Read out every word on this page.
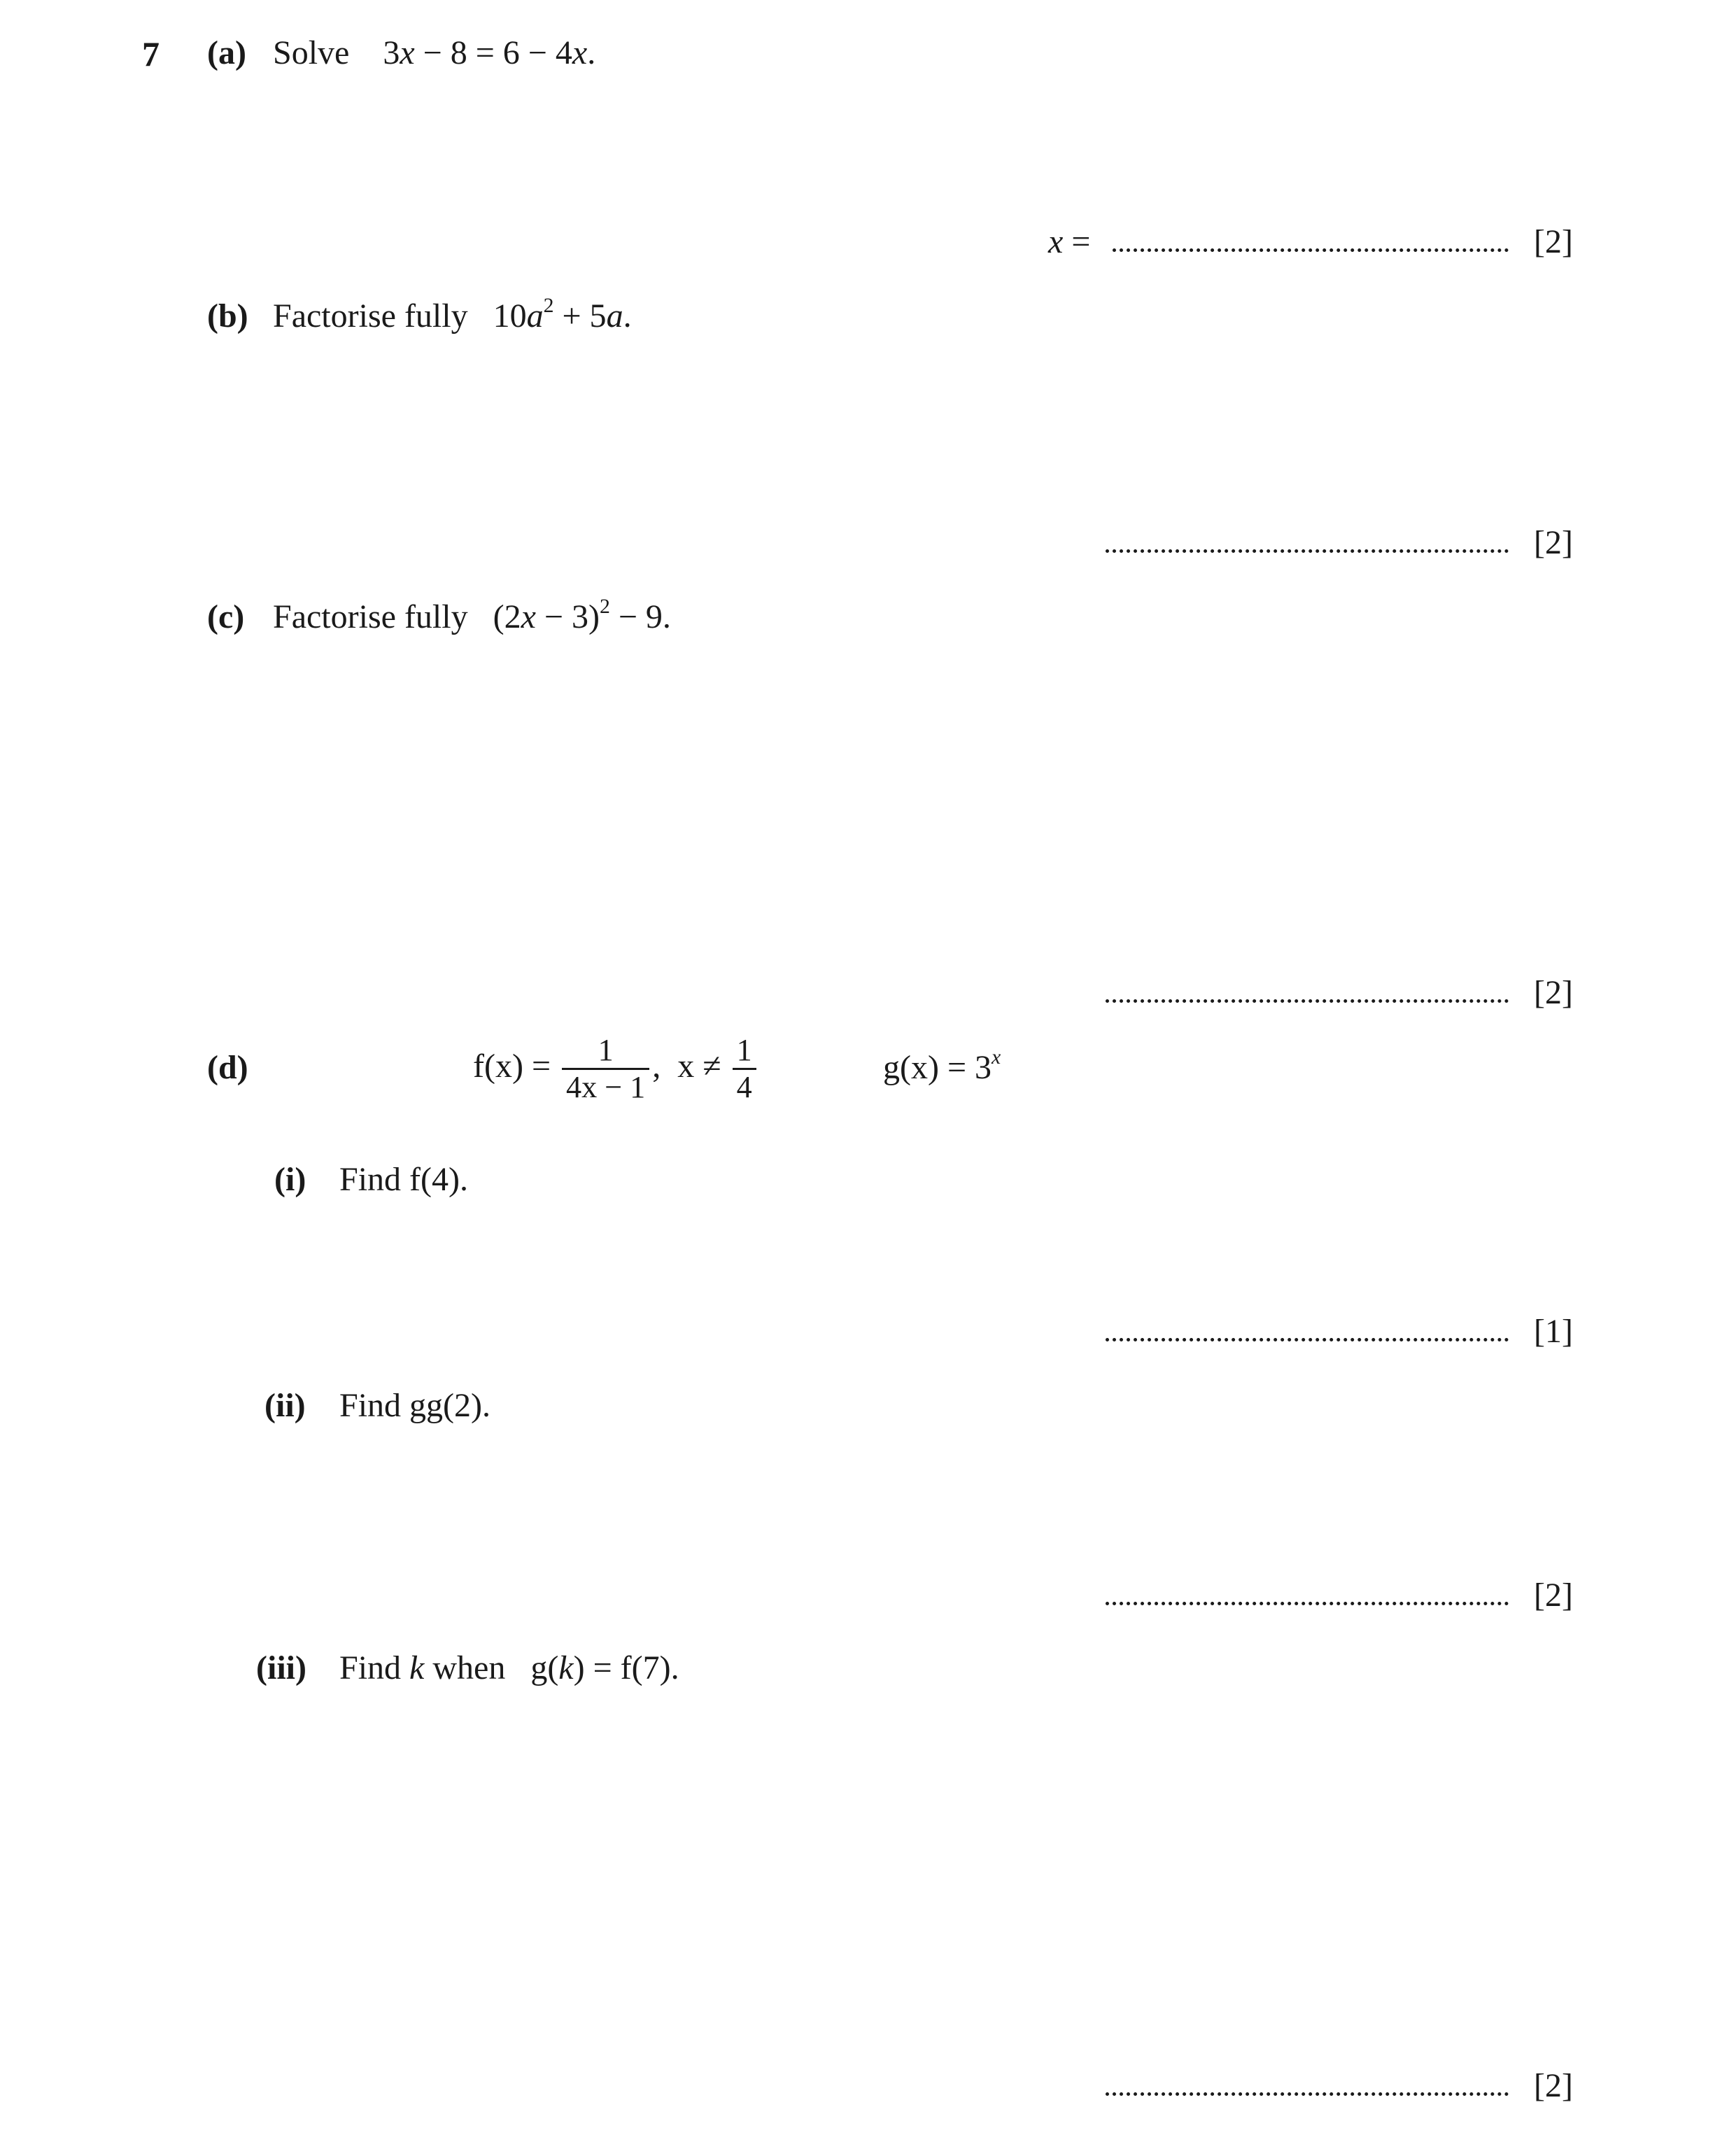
7 (a) Solve 3x − 8 = 6 − 4x.
x =	[2]
(b) Factorise fully $10a^2 + 5a$.
[2]
(c) Factorise fully $(2x - 3)^2 - 9$.
[2]
(d)	$f(x) = \frac{1}{4x - 1}$ ,  $x \ne \frac{1}{4}$	$g(x) = 3^x$
(i) Find f(4).
[1]
(ii) Find gg(2).
[2]
(iii) Find k when g(k) = f(7).
[2]
